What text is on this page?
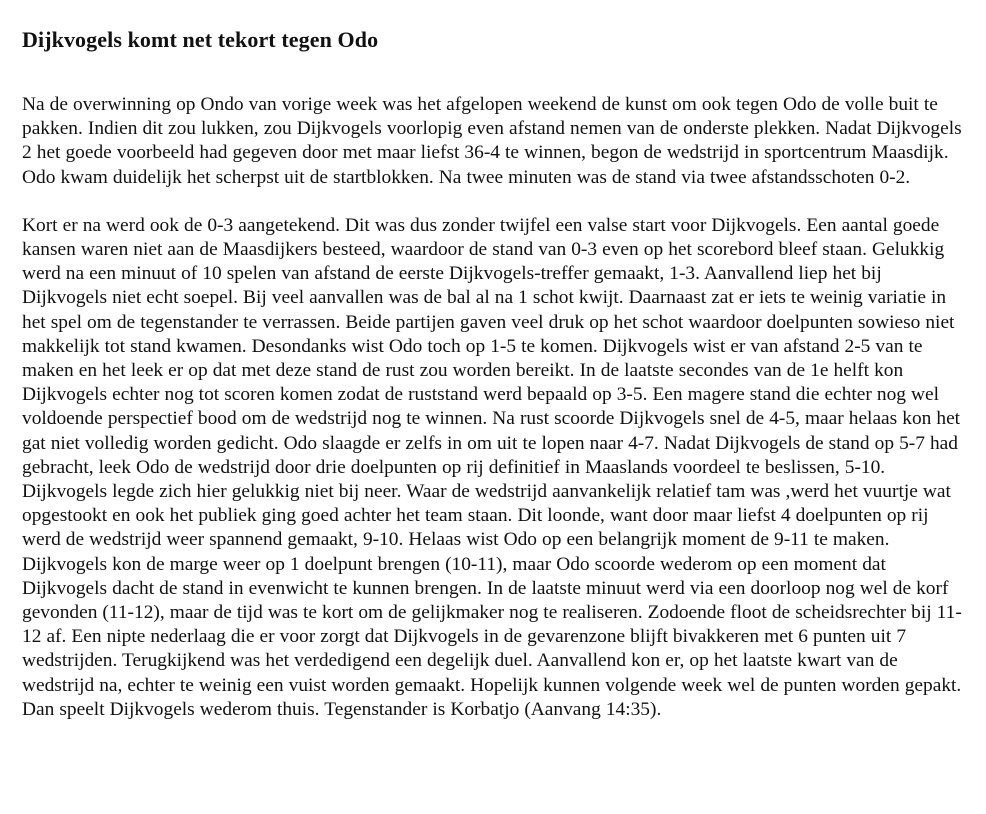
Dijkvogels komt net tekort tegen Odo

Na de overwinning op Ondo van vorige week was het afgelopen weekend de kunst om ook tegen Odo de volle buit te pakken. Indien dit zou lukken, zou Dijkvogels voorlopig even afstand nemen van de onderste plekken. Nadat Dijkvogels 2 het goede voorbeeld had gegeven door met maar liefst 36-4 te winnen, begon de wedstrijd in sportcentrum Maasdijk. Odo kwam duidelijk het scherpst uit de startblokken. Na twee minuten was de stand via twee afstandsschoten 0-2.

Kort er na werd ook de 0-3 aangetekend. Dit was dus zonder twijfel een valse start voor Dijkvogels. Een aantal goede kansen waren niet aan de Maasdijkers besteed, waardoor de stand van 0-3 even op het scorebord bleef staan. Gelukkig werd na een minuut of 10 spelen van afstand de eerste Dijkvogels-treffer gemaakt, 1-3. Aanvallend liep het bij Dijkvogels niet echt soepel. Bij veel aanvallen was de bal al na 1 schot kwijt. Daarnaast zat er iets te weinig variatie in het spel om de tegenstander te verrassen. Beide partijen gaven veel druk op het schot waardoor doelpunten sowieso niet makkelijk tot stand kwamen. Desondanks wist Odo toch op 1-5 te komen. Dijkvogels wist er van afstand 2-5 van te maken en het leek er op dat met deze stand de rust zou worden bereikt. In de laatste secondes van de 1e helft kon Dijkvogels echter nog tot scoren komen zodat de ruststand werd bepaald op 3-5. Een magere stand die echter nog wel voldoende perspectief bood om de wedstrijd nog te winnen. Na rust scoorde Dijkvogels snel de 4-5, maar helaas kon het gat niet volledig worden gedicht. Odo slaagde er zelfs in om uit te lopen naar 4-7. Nadat Dijkvogels de stand op 5-7 had gebracht, leek Odo de wedstrijd door drie doelpunten op rij definitief in Maaslands voordeel te beslissen, 5-10. Dijkvogels legde zich hier gelukkig niet bij neer. Waar de wedstrijd aanvankelijk relatief tam was ,werd het vuurtje wat opgestookt en ook het publiek ging goed achter het team staan. Dit loonde, want door maar liefst 4 doelpunten op rij werd de wedstrijd weer spannend gemaakt, 9-10. Helaas wist Odo op een belangrijk moment de 9-11 te maken. Dijkvogels kon de marge weer op 1 doelpunt brengen (10-11), maar Odo scoorde wederom op een moment dat Dijkvogels dacht de stand in evenwicht te kunnen brengen. In de laatste minuut werd via een doorloop nog wel de korf gevonden (11-12), maar de tijd was te kort om de gelijkmaker nog te realiseren. Zodoende floot de scheidsrechter bij 11-12 af. Een nipte nederlaag die er voor zorgt dat Dijkvogels in de gevarenzone blijft bivakkeren met 6 punten uit 7 wedstrijden. Terugkijkend was het verdedigend een degelijk duel. Aanvallend kon er, op het laatste kwart van de wedstrijd na, echter te weinig een vuist worden gemaakt. Hopelijk kunnen volgende week wel de punten worden gepakt. Dan speelt Dijkvogels wederom thuis. Tegenstander is Korbatjo (Aanvang 14:35).
